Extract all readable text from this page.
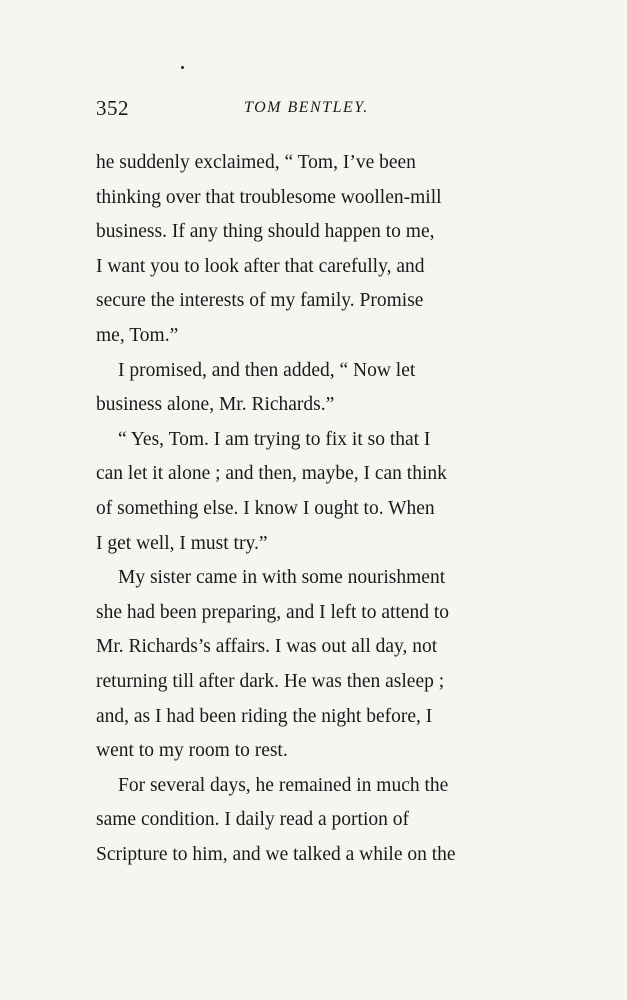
352	TOM BENTLEY.
he suddenly exclaimed, “ Tom, I’ve been
thinking over that troublesome woollen-mill
business. If any thing should happen to me,
I want you to look after that carefully, and
secure the interests of my family. Promise
me, Tom.”
I promised, and then added, “ Now let
business alone, Mr. Richards.”
“ Yes, Tom. I am trying to fix it so that I
can let it alone ; and then, maybe, I can think
of something else. I know I ought to. When
I get well, I must try.”
My sister came in with some nourishment
she had been preparing, and I left to attend to
Mr. Richards’s affairs. I was out all day, not
returning till after dark. He was then asleep ;
and, as I had been riding the night before, I
went to my room to rest.
For several days, he remained in much the
same condition. I daily read a portion of
Scripture to him, and we talked a while on the
